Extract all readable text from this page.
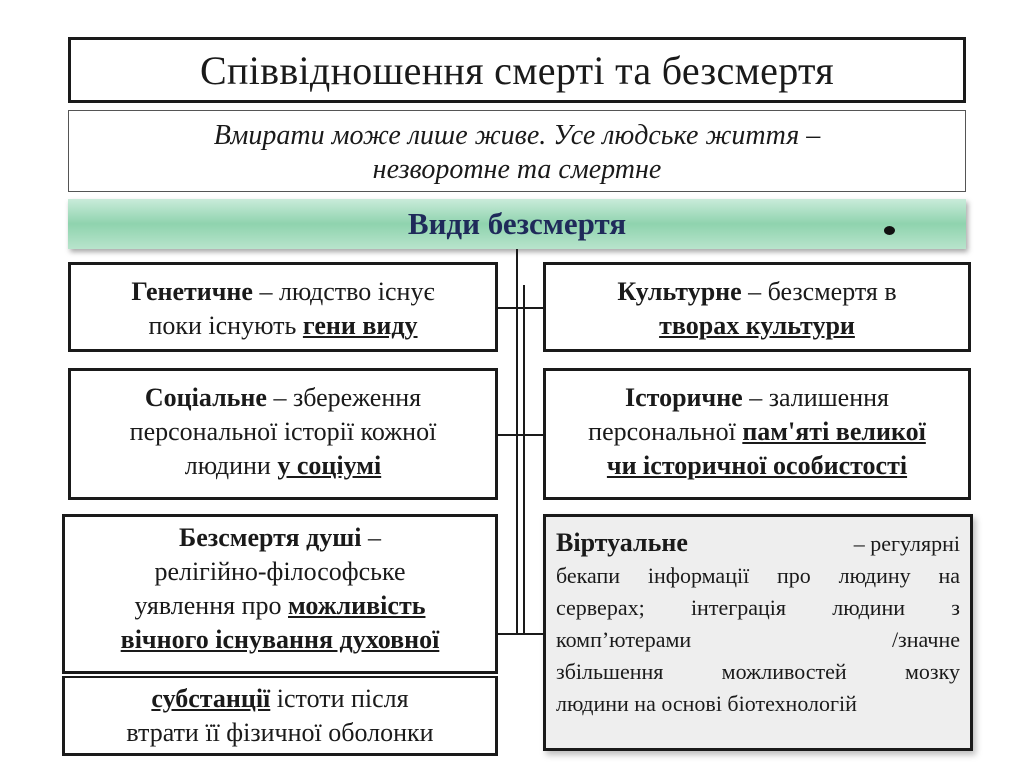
Співвідношення смерті та безсмертя
Вмирати може лише живе. Усе людське життя –
незворотне та смертне
Види безсмертя
Генетичне – людство існує
поки існують гени виду
Культурне – безсмертя в
творах культури
Соціальне – збереження
персональної історії кожної
людини у соціумі
Історичне – залишення
персональної пам'яті великої
чи історичної особистості
Безсмертя душі –
релігійно-філософське
уявлення про можливість
вічного існування духовної
субстанції істоти після
втрати її фізичної оболонки
Віртуальне	– регулярні
бекапи інформації про людину на
серверах; інтеграція людини з
комп’ютерами	/значне
збільшення можливостей мозку
людини на основі біотехнологій
